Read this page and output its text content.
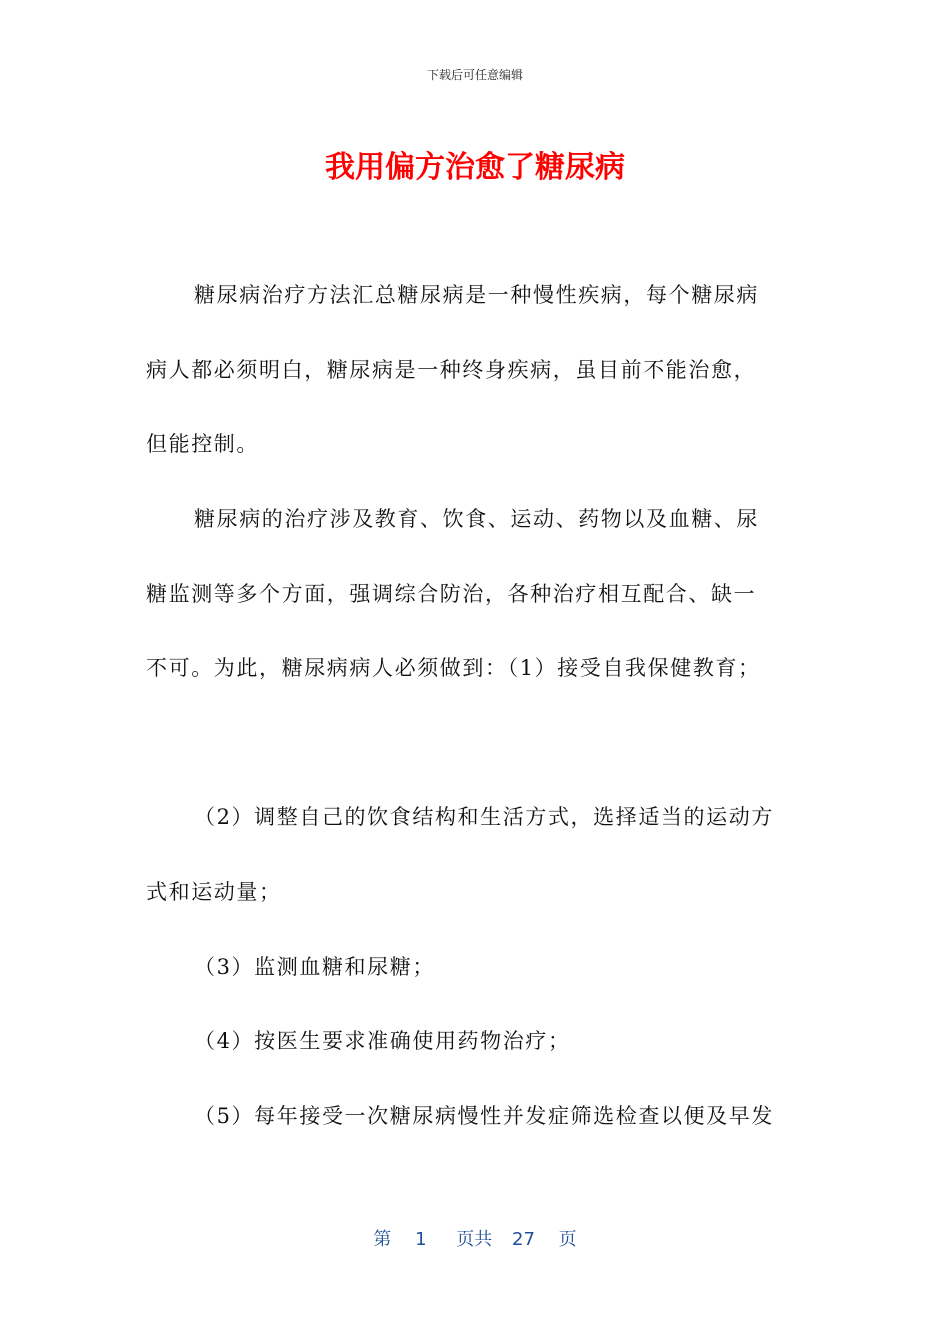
下载后可任意编辑
我用偏方治愈了糖尿病
糖尿病治疗方法汇总糖尿病是一种慢性疾病，每个糖尿病
病人都必须明白，糖尿病是一种终身疾病，虽目前不能治愈，
但能控制。
糖尿病的治疗涉及教育、饮食、运动、药物以及血糖、尿
糖监测等多个方面，强调综合防治，各种治疗相互配合、缺一
不可。为此，糖尿病病人必须做到：（1）接受自我保健教育；
（2）调整自己的饮食结构和生活方式，选择适当的运动方
式和运动量；
（3）监测血糖和尿糖；
（4）按医生要求准确使用药物治疗；
（5）每年接受一次糖尿病慢性并发症筛选检查以便及早发
第 1 页共 27 页
